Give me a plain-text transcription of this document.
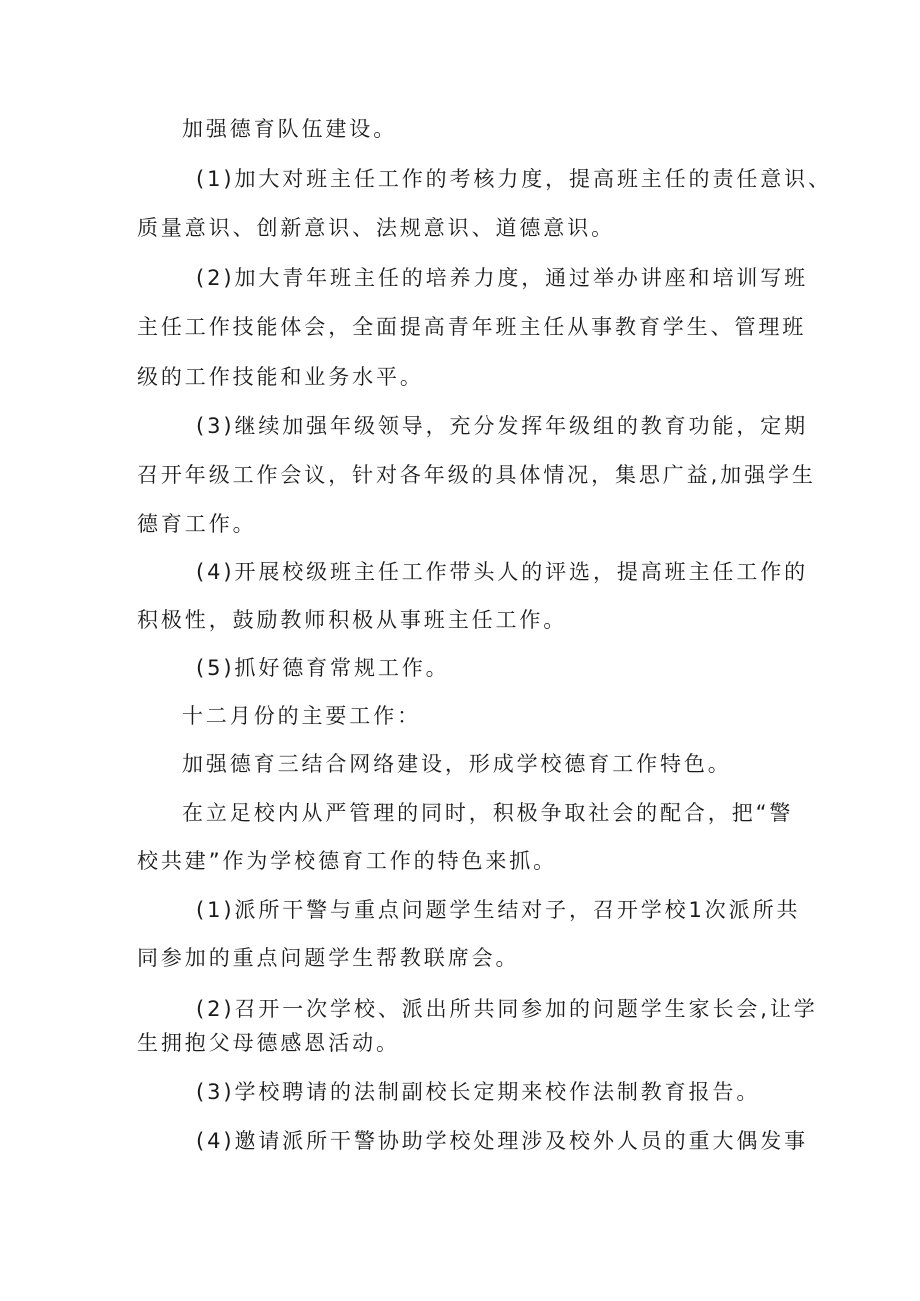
加强德育队伍建设。
(1)加大对班主任工作的考核力度，提高班主任的责任意识、
质量意识、创新意识、法规意识、道德意识。
(2)加大青年班主任的培养力度，通过举办讲座和培训写班
主任工作技能体会，全面提高青年班主任从事教育学生、管理班
级的工作技能和业务水平。
(3)继续加强年级领导，充分发挥年级组的教育功能，定期
召开年级工作会议，针对各年级的具体情况，集思广益,加强学生
德育工作。
(4)开展校级班主任工作带头人的评选，提高班主任工作的
积极性，鼓励教师积极从事班主任工作。
(5)抓好德育常规工作。
十二月份的主要工作：
加强德育三结合网络建设，形成学校德育工作特色。
在立足校内从严管理的同时，积极争取社会的配合，把“警
校共建”作为学校德育工作的特色来抓。
(1)派所干警与重点问题学生结对子，召开学校1次派所共
同参加的重点问题学生帮教联席会。
(2)召开一次学校、派出所共同参加的问题学生家长会,让学
生拥抱父母德感恩活动。
(3)学校聘请的法制副校长定期来校作法制教育报告。
(4)邀请派所干警协助学校处理涉及校外人员的重大偶发事
